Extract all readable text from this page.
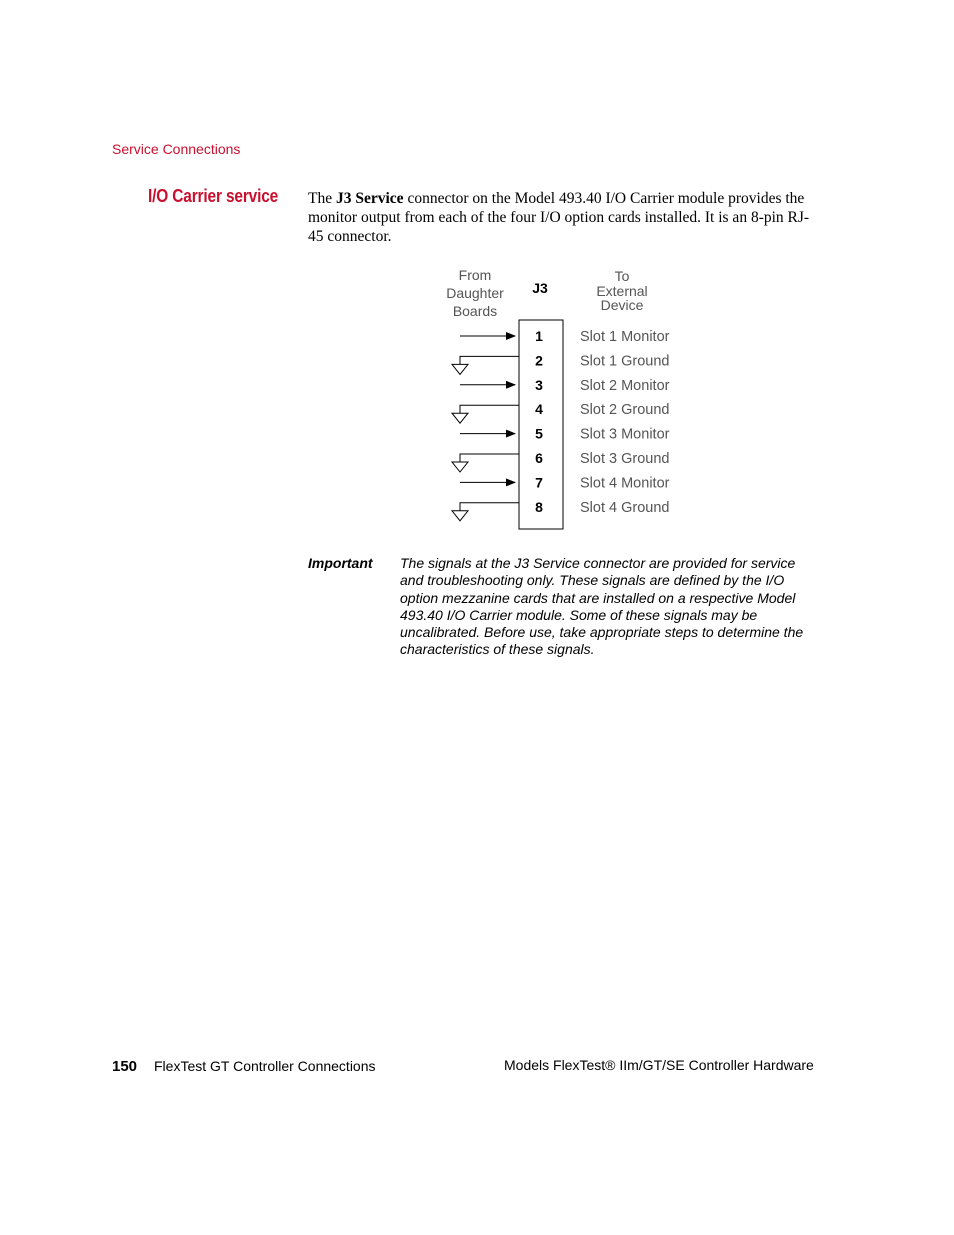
Service Connections
I/O Carrier service The J3 Service connector on the Model 493.40 I/O Carrier module provides the monitor output from each of the four I/O option cards installed. It is an 8-pin RJ-45 connector.

From
Daughter
Boards
J3
To
External
Device
1	Slot 1 Monitor
2	Slot 1 Ground
3	Slot 2 Monitor
4	Slot 2 Ground
5	Slot 3 Monitor
6	Slot 3 Ground
7	Slot 4 Monitor
8	Slot 4 Ground
Important The signals at the J3 Service connector are provided for service and troubleshooting only. These signals are defined by the I/O option mezzanine cards that are installed on a respective Model 493.40 I/O Carrier module. Some of these signals may be uncalibrated. Before use, take appropriate steps to determine the characteristics of these signals.
150 FlexTest GT Controller Connections	Models FlexTest® IIm/GT/SE Controller Hardware
